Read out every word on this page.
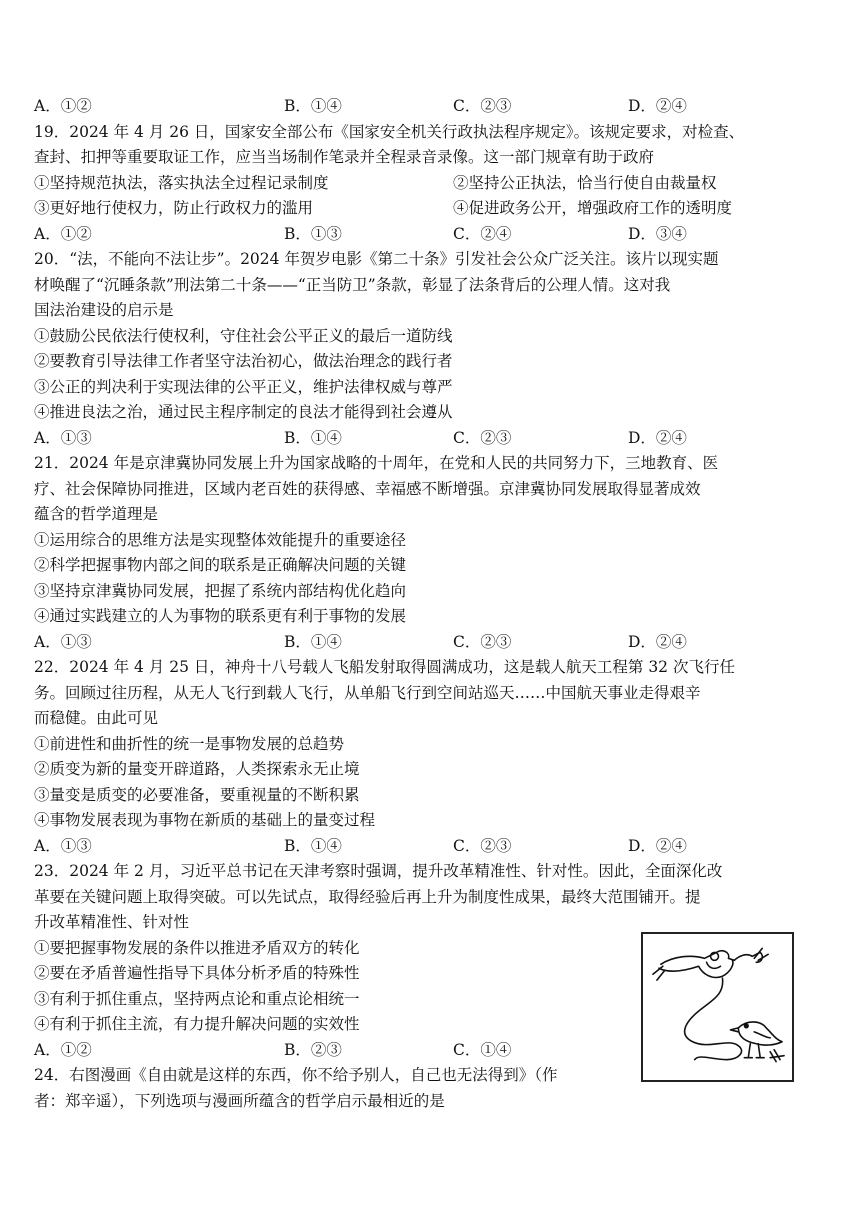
A．①②	B．①④	C．②③	D．②④
19．2024 年 4 月 26 日，国家安全部公布《国家安全机关行政执法程序规定》。该规定要求，对检查、
查封、扣押等重要取证工作，应当当场制作笔录并全程录音录像。这一部门规章有助于政府
①坚持规范执法，落实执法全过程记录制度	②坚持公正执法，恰当行使自由裁量权
③更好地行使权力，防止行政权力的滥用	④促进政务公开，增强政府工作的透明度
A．①②	B．①③	C．②④	D．③④
20．“法，不能向不法让步”。2024 年贺岁电影《第二十条》引发社会公众广泛关注。该片以现实题
材唤醒了“沉睡条款”刑法第二十条——“正当防卫”条款，彰显了法条背后的公理人情。这对我
国法治建设的启示是
①鼓励公民依法行使权利，守住社会公平正义的最后一道防线
②要教育引导法律工作者坚守法治初心，做法治理念的践行者
③公正的判决利于实现法律的公平正义，维护法律权威与尊严
④推进良法之治，通过民主程序制定的良法才能得到社会遵从
A．①③	B．①④	C．②③	D．②④
21．2024 年是京津冀协同发展上升为国家战略的十周年，在党和人民的共同努力下，三地教育、医
疗、社会保障协同推进，区域内老百姓的获得感、幸福感不断增强。京津冀协同发展取得显著成效
蕴含的哲学道理是
①运用综合的思维方法是实现整体效能提升的重要途径
②科学把握事物内部之间的联系是正确解决问题的关键
③坚持京津冀协同发展，把握了系统内部结构优化趋向
④通过实践建立的人为事物的联系更有利于事物的发展
A．①③	B．①④	C．②③	D．②④
22．2024 年 4 月 25 日，神舟十八号载人飞船发射取得圆满成功，这是载人航天工程第 32 次飞行任
务。回顾过往历程，从无人飞行到载人飞行，从单船飞行到空间站巡天……中国航天事业走得艰辛
而稳健。由此可见
①前进性和曲折性的统一是事物发展的总趋势
②质变为新的量变开辟道路，人类探索永无止境
③量变是质变的必要准备，要重视量的不断积累
④事物发展表现为事物在新质的基础上的量变过程
A．①③	B．①④	C．②③	D．②④
23．2024 年 2 月，习近平总书记在天津考察时强调，提升改革精准性、针对性。因此，全面深化改
革要在关键问题上取得突破。可以先试点，取得经验后再上升为制度性成果，最终大范围铺开。提
升改革精准性、针对性
①要把握事物发展的条件以推进矛盾双方的转化
②要在矛盾普遍性指导下具体分析矛盾的特殊性
③有利于抓住重点，坚持两点论和重点论相统一
④有利于抓住主流，有力提升解决问题的实效性
A．①②	B．②③	C．①④
24．右图漫画《自由就是这样的东西，你不给予别人，自己也无法得到》（作
者：郑辛遥），下列选项与漫画所蕴含的哲学启示最相近的是
